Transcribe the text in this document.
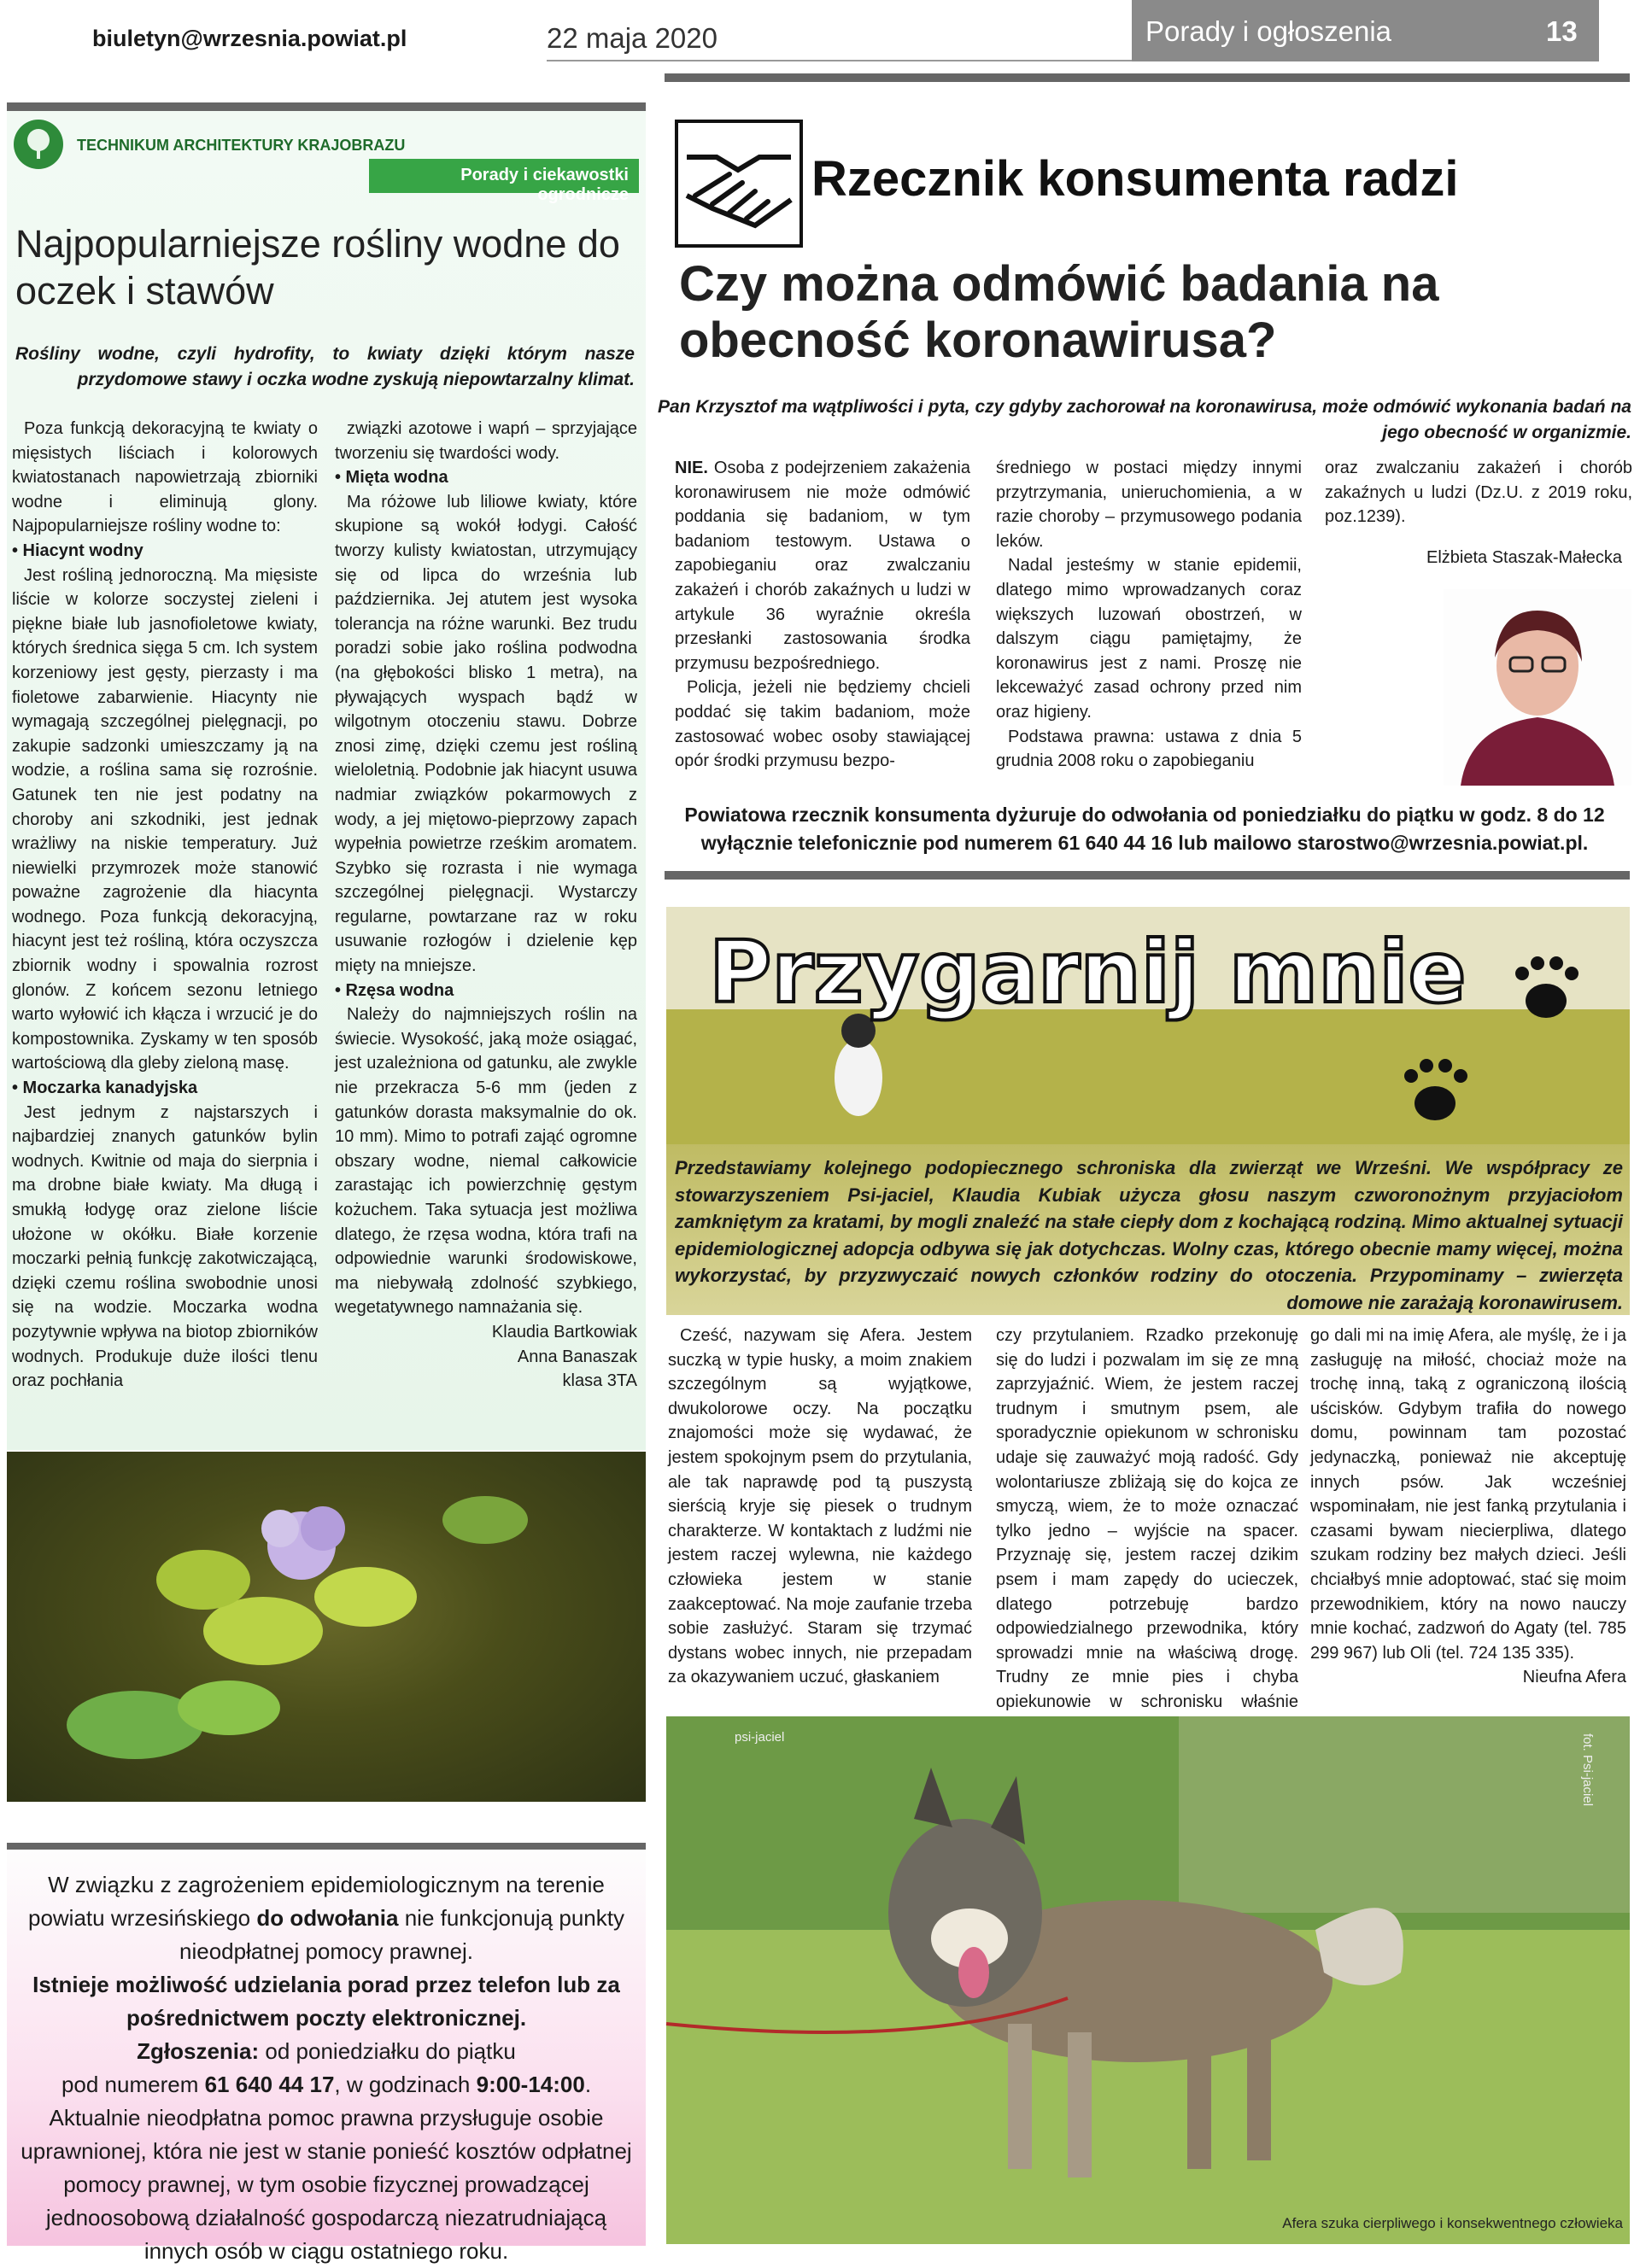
biuletyn@wrzesnia.powiat.pl	22 maja 2020	Porady i ogłoszenia	13
TECHNIKUM ARCHITEKTURY KRAJOBRAZU
Porady i ciekawostki ogrodnicze
Najpopularniejsze rośliny wodne do oczek i stawów
Rośliny wodne, czyli hydrofity, to kwiaty dzięki którym nasze przydomowe stawy i oczka wodne zyskują niepowtarzalny klimat.

Poza funkcją dekoracyjną te kwiaty o mięsistych liściach i kolorowych kwiatostanach napowietrzają zbiorniki wodne i eliminują glony. Najpopularniejsze rośliny wodne to:

• Hiacynt wodny

Jest rośliną jednoroczną. Ma mięsiste liście w kolorze soczystej zieleni i piękne białe lub jasnofioletowe kwiaty, których średnica sięga 5 cm. Ich system korzeniowy jest gęsty, pierzasty i ma fioletowe zabarwienie. Hiacynty nie wymagają szczególnej pielęgnacji, po zakupie sadzonki umieszczamy ją na wodzie, a roślina sama się rozrośnie. Gatunek ten nie jest podatny na choroby ani szkodniki, jest jednak wrażliwy na niskie temperatury. Już niewielki przymrozek może stanowić poważne zagrożenie dla hiacynta wodnego. Poza funkcją dekoracyjną, hiacynt jest też rośliną, która oczyszcza zbiornik wodny i spowalnia rozrost glonów. Z końcem sezonu letniego warto wyłowić ich kłącza i wrzucić je do kompostownika. Zyskamy w ten sposób wartościową dla gleby zieloną masę.

• Moczarka kanadyjska

Jest jednym z najstarszych i najbardziej znanych gatunków bylin wodnych. Kwitnie od maja do sierpnia i ma drobne białe kwiaty. Ma długą i smukłą łodygę oraz zielone liście ułożone w okółku. Białe korzenie moczarki pełnią funkcję zakotwiczającą, dzięki czemu roślina swobodnie unosi się na wodzie. Moczarka wodna pozytywnie wpływa na biotop zbiorników wodnych. Produkuje duże ilości tlenu oraz pochłania

związki azotowe i wapń – sprzyjające tworzeniu się twardości wody.

• Mięta wodna

Ma różowe lub liliowe kwiaty, które skupione są wokół łodygi. Całość tworzy kulisty kwiatostan, utrzymujący się od lipca do września lub października. Jej atutem jest wysoka tolerancja na różne warunki. Bez trudu poradzi sobie jako roślina podwodna (na głębokości blisko 1 metra), na pływających wyspach bądź w wilgotnym otoczeniu stawu. Dobrze znosi zimę, dzięki czemu jest rośliną wieloletnią. Podobnie jak hiacynt usuwa nadmiar związków pokarmowych z wody, a jej miętowo-pieprzowy zapach wypełnia powietrze rześkim aromatem. Szybko się rozrasta i nie wymaga szczególnej pielęgnacji. Wystarczy regularne, powtarzane raz w roku usuwanie rozłogów i dzielenie kęp mięty na mniejsze.

• Rzęsa wodna

Należy do najmniejszych roślin na świecie. Wysokość, jaką może osiągać, jest uzależniona od gatunku, ale zwykle nie przekracza 5-6 mm (jeden z gatunków dorasta maksymalnie do ok. 10 mm). Mimo to potrafi zająć ogromne obszary wodne, niemal całkowicie zarastając ich powierzchnię gęstym kożuchem. Taka sytuacja jest możliwa dlatego, że rzęsa wodna, która trafi na odpowiednie warunki środowiskowe, ma niebywałą zdolność szybkiego, wegetatywnego namnażania się.

Klaudia Bartkowiak

Anna Banaszak

klasa 3TA

W związku z zagrożeniem epidemiologicznym na terenie powiatu wrzesińskiego do odwołania nie funkcjonują punkty nieodpłatnej pomocy prawnej.
Istnieje możliwość udzielania porad przez telefon lub za pośrednictwem poczty elektronicznej.
Zgłoszenia: od poniedziałku do piątku
pod numerem 61 640 44 17, w godzinach 9:00-14:00.
Aktualnie nieodpłatna pomoc prawna przysługuje osobie uprawnionej, która nie jest w stanie ponieść kosztów odpłatnej pomocy prawnej, w tym osobie fizycznej prowadzącej jednoosobową działalność gospodarczą niezatrudniającą innych osób w ciągu ostatniego roku.
Rzecznik konsumenta radzi
Czy można odmówić badania na obecność koronawirusa?
Pan Krzysztof ma wątpliwości i pyta, czy gdyby zachorował na koronawirusa, może odmówić wykonania badań na jego obecność w organizmie.

NIE. Osoba z podejrzeniem zakażenia koronawirusem nie może odmówić poddania się badaniom, w tym badaniom testowym. Ustawa o zapobieganiu oraz zwalczaniu zakażeń i chorób zakaźnych u ludzi w artykule 36 wyraźnie określa przesłanki zastosowania środka przymusu bezpośredniego.

Policja, jeżeli nie będziemy chcieli poddać się takim badaniom, może zastosować wobec osoby stawiającej opór środki przymusu bezpo-

średniego w postaci między innymi przytrzymania, unieruchomienia, a w razie choroby – przymusowego podania leków.

Nadal jesteśmy w stanie epidemii, dlatego mimo wprowadzanych coraz większych luzowań obostrzeń, w dalszym ciągu pamiętajmy, że koronawirus jest z nami. Proszę nie lekceważyć zasad ochrony przed nim oraz higieny.

Podstawa prawna: ustawa z dnia 5 grudnia 2008 roku o zapobieganiu

oraz zwalczaniu zakażeń i chorób zakaźnych u ludzi (Dz.U. z 2019 roku, poz.1239).

Elżbieta Staszak-Małecka
Powiatowa rzecznik konsumenta dyżuruje do odwołania od poniedziałku do piątku w godz. 8 do 12 wyłącznie telefonicznie pod numerem 61 640 44 16 lub mailowo starostwo@wrzesnia.powiat.pl.
Przygarnij mnie
Przedstawiamy kolejnego podopiecznego schroniska dla zwierząt we Wrześni. We współpracy ze stowarzyszeniem Psi-jaciel, Klaudia Kubiak użycza głosu naszym czworonożnym przyjaciołom zamkniętym za kratami, by mogli znaleźć na stałe ciepły dom z kochającą rodziną. Mimo aktualnej sytuacji epidemiologicznej adopcja odbywa się jak dotychczas. Wolny czas, którego obecnie mamy więcej, można wykorzystać, by przyzwyczaić nowych członków rodziny do otoczenia. Przypominamy – zwierzęta domowe nie zarażają koronawirusem.

Cześć, nazywam się Afera. Jestem suczką w typie husky, a moim znakiem szczególnym są wyjątkowe, dwukolorowe oczy. Na początku znajomości może się wydawać, że jestem spokojnym psem do przytulania, ale tak naprawdę pod tą puszystą sierścią kryje się piesek o trudnym charakterze. W kontaktach z ludźmi nie jestem raczej wylewna, nie każdego człowieka jestem w stanie zaakceptować. Na moje zaufanie trzeba sobie zasłużyć. Staram się trzymać dystans wobec innych, nie przepadam za okazywaniem uczuć, głaskaniem

czy przytulaniem. Rzadko przekonuję się do ludzi i pozwalam im się ze mną zaprzyjaźnić. Wiem, że jestem raczej trudnym i smutnym psem, ale sporadycznie opiekunom w schronisku udaje się zauważyć moją radość. Gdy wolontariusze zbliżają się do kojca ze smyczą, wiem, że to może oznaczać tylko jedno – wyjście na spacer. Przyznaję się, jestem raczej dzikim psem i mam zapędy do ucieczek, dlatego potrzebuję bardzo odpowiedzialnego przewodnika, który sprowadzi mnie na właściwą drogę. Trudny ze mnie pies i chyba opiekunowie w schronisku właśnie

go dali mi na imię Afera, ale myślę, że i ja zasługuję na miłość, chociaż może na trochę inną, taką z ograniczoną ilością uścisków. Gdybym trafiła do nowego domu, powinnam tam pozostać jedynaczką, ponieważ nie akceptuję innych psów. Jak wcześniej wspominałam, nie jest fanką przytulania i czasami bywam niecierpliwa, dlatego szukam rodziny bez małych dzieci. Jeśli chciałbyś mnie adoptować, stać się moim przewodnikiem, który na nowo nauczy mnie kochać, zadzwoń do Agaty (tel. 785 299 967) lub Oli (tel. 724 135 335).

Nieufna Afera

psi-jaciel	fot. Psi-jaciel
Afera szuka cierpliwego i konsekwentnego człowieka
